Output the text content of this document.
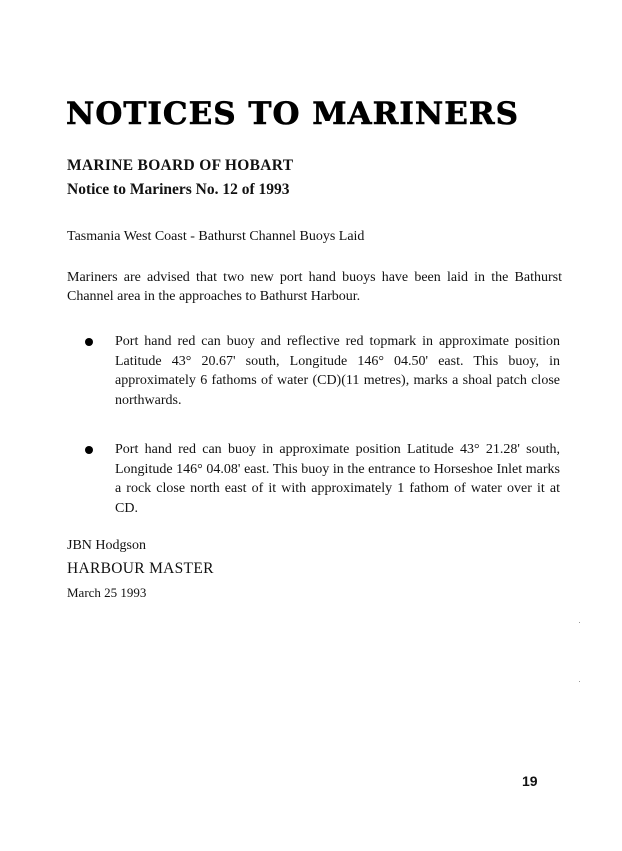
NOTICES TO MARINERS
MARINE BOARD OF HOBART
Notice to Mariners No. 12 of 1993
Tasmania West Coast - Bathurst Channel Buoys Laid

Mariners are advised that two new port hand buoys have been laid in the Bathurst Channel area in the approaches to Bathurst Harbour.

Port hand red can buoy and reflective red topmark in approximate position Latitude 43° 20.67' south, Longitude 146° 04.50' east. This buoy, in approximately 6 fathoms of water (CD)(11 metres), marks a shoal patch close northwards.
Port hand red can buoy in approximate position Latitude 43° 21.28' south, Longitude 146° 04.08' east. This buoy in the entrance to Horseshoe Inlet marks a rock close north east of it with approximately 1 fathom of water over it at CD.
JBN Hodgson
HARBOUR MASTER
March 25 1993
19
